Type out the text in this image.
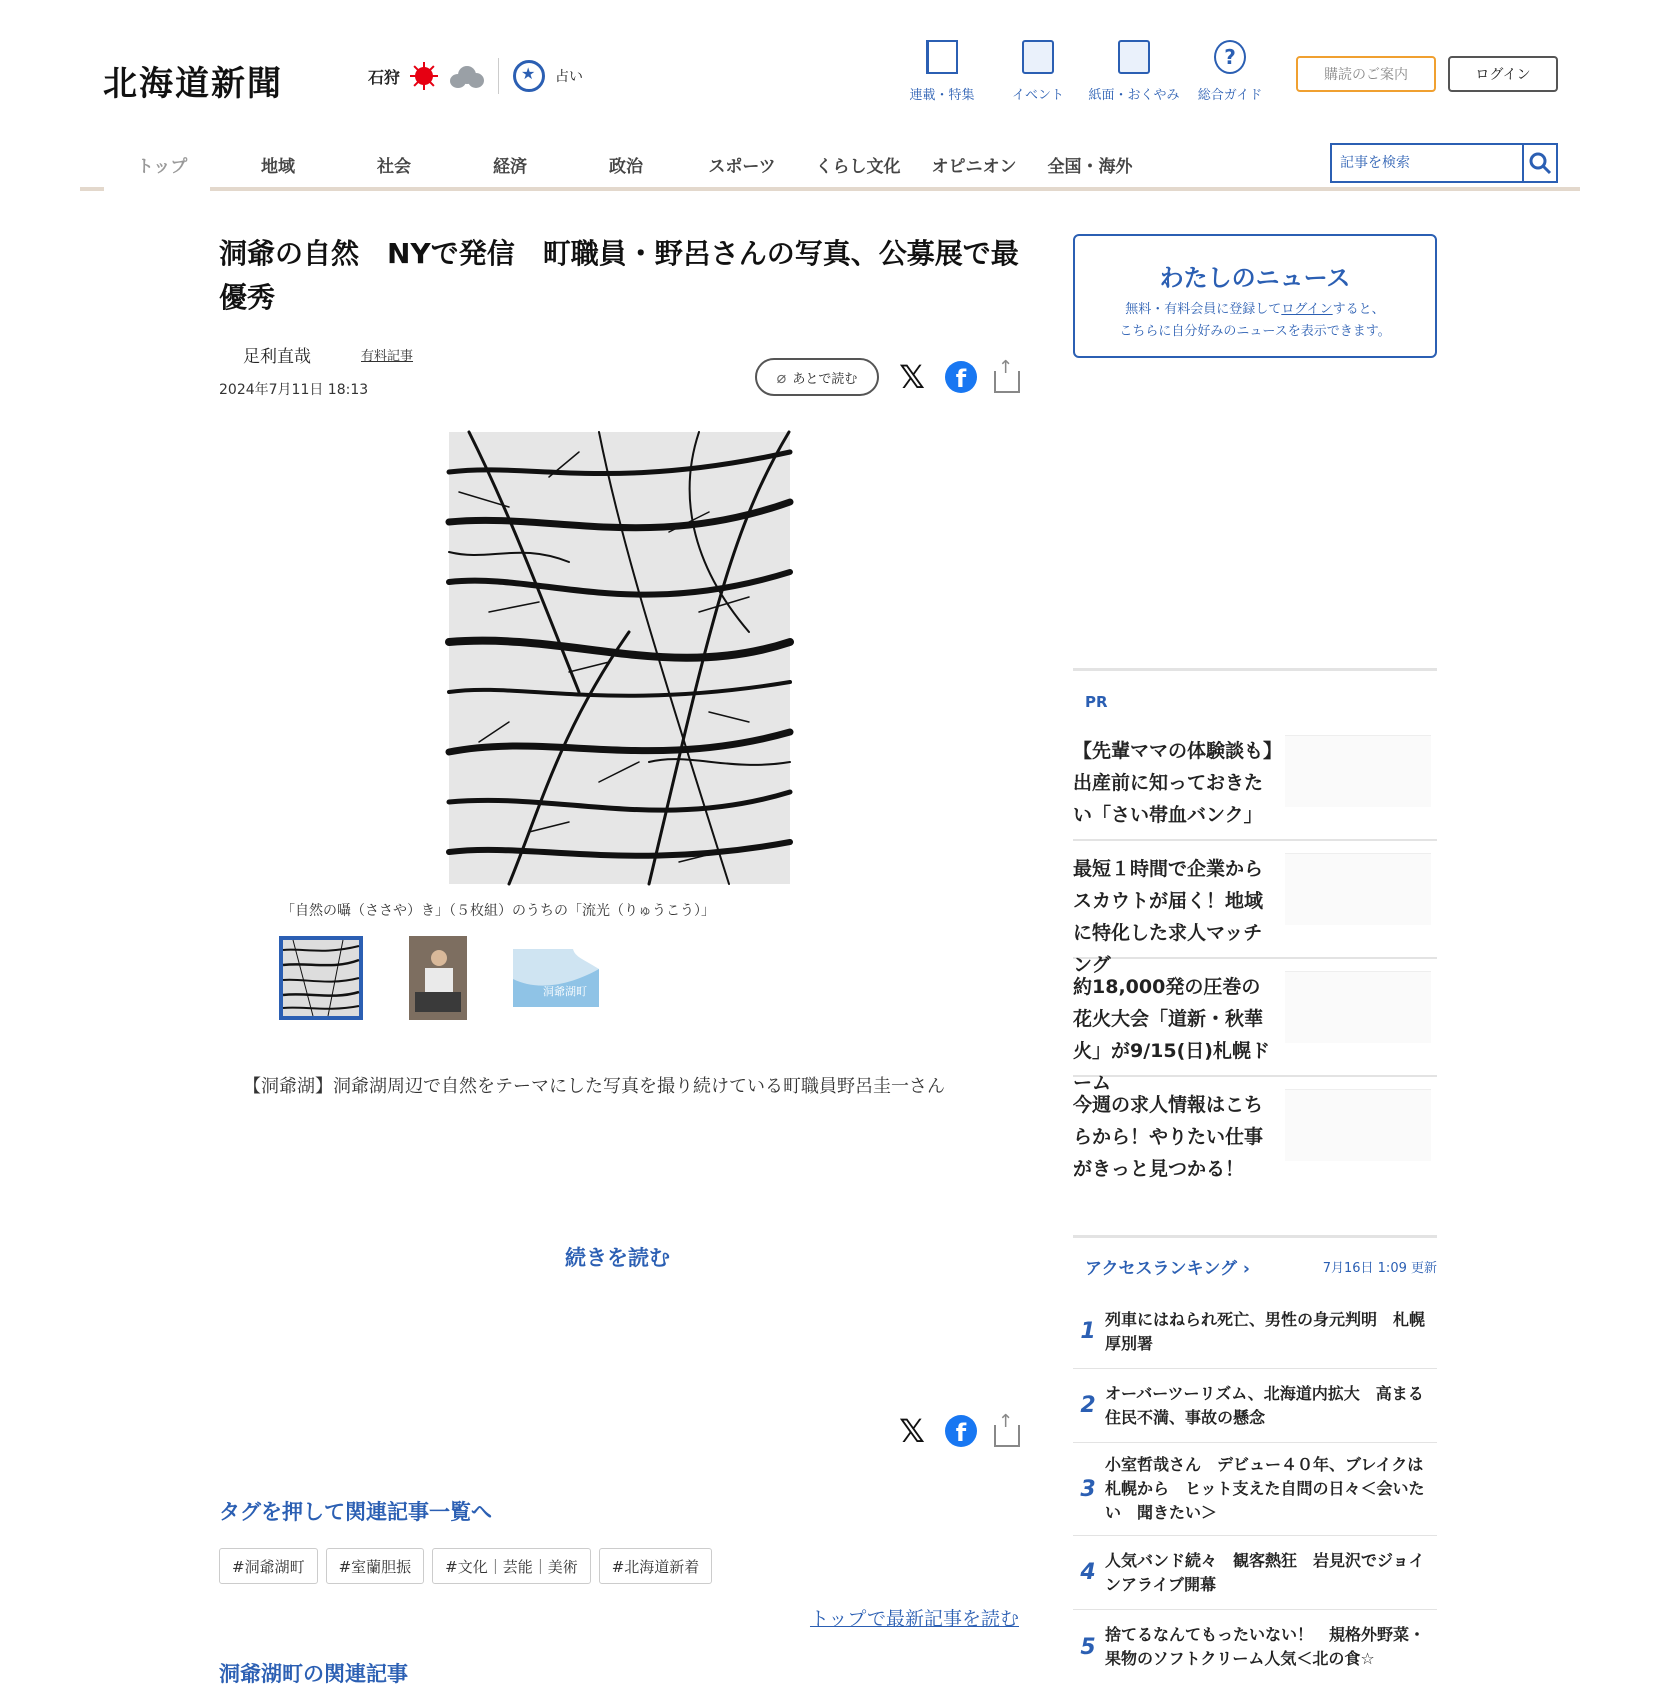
北海道新聞	石狩
★	占い
連載・特集	イベント 紙面・おくやみ
?
総合ガイド
購読のご案内	ログイン
トップ	地域	社会	経済	政治	スポーツ	くらし文化	オピニオン	全国・海外
記事を検索
洞爺の自然　NYで発信　町職員・野呂さんの写真、公募展で最優秀
足利直哉	有料記事
2024年7月11日 18:13
⌀ あとで読む 𝕏	f
↑
「自然の囁（ささや）き」（５枚組）のうちの「流光（りゅうこう）」
洞爺湖町

【洞爺湖】洞爺湖周辺で自然をテーマにした写真を撮り続けている町職員野呂圭一さん

続きを読む
𝕏	f
↑
タグを押して関連記事一覧へ
#洞爺湖町	#室蘭胆振	#文化｜芸能｜美術	#北海道新着
トップで最新記事を読む
洞爺湖町の関連記事
わたしのニュース
無料・有料会員に登録してログインすると、
こちらに自分好みのニュースを表示できます。
PR
【先輩ママの体験談も】出産前に知っておきたい「さい帯血バンク」
最短１時間で企業からスカウトが届く！地域に特化した求人マッチング
約18,000発の圧巻の花火大会「道新・秋華火」が9/15(日)札幌ドーム
今週の求人情報はこちらから！やりたい仕事がきっと見つかる！
アクセスランキング ›	7月16日 1:09 更新
1 列車にはねられ死亡、男性の身元判明　札幌厚別署
2 オーバーツーリズム、北海道内拡大　高まる住民不満、事故の懸念
3
小室哲哉さん　デビュー４０年、ブレイクは札幌から　ヒット支えた自問の日々＜会いたい　聞きたい＞
4 人気バンド続々　観客熱狂　岩見沢でジョインアライブ開幕
5 捨てるなんてもったいない！　規格外野菜・果物のソフトクリーム人気＜北の食☆
